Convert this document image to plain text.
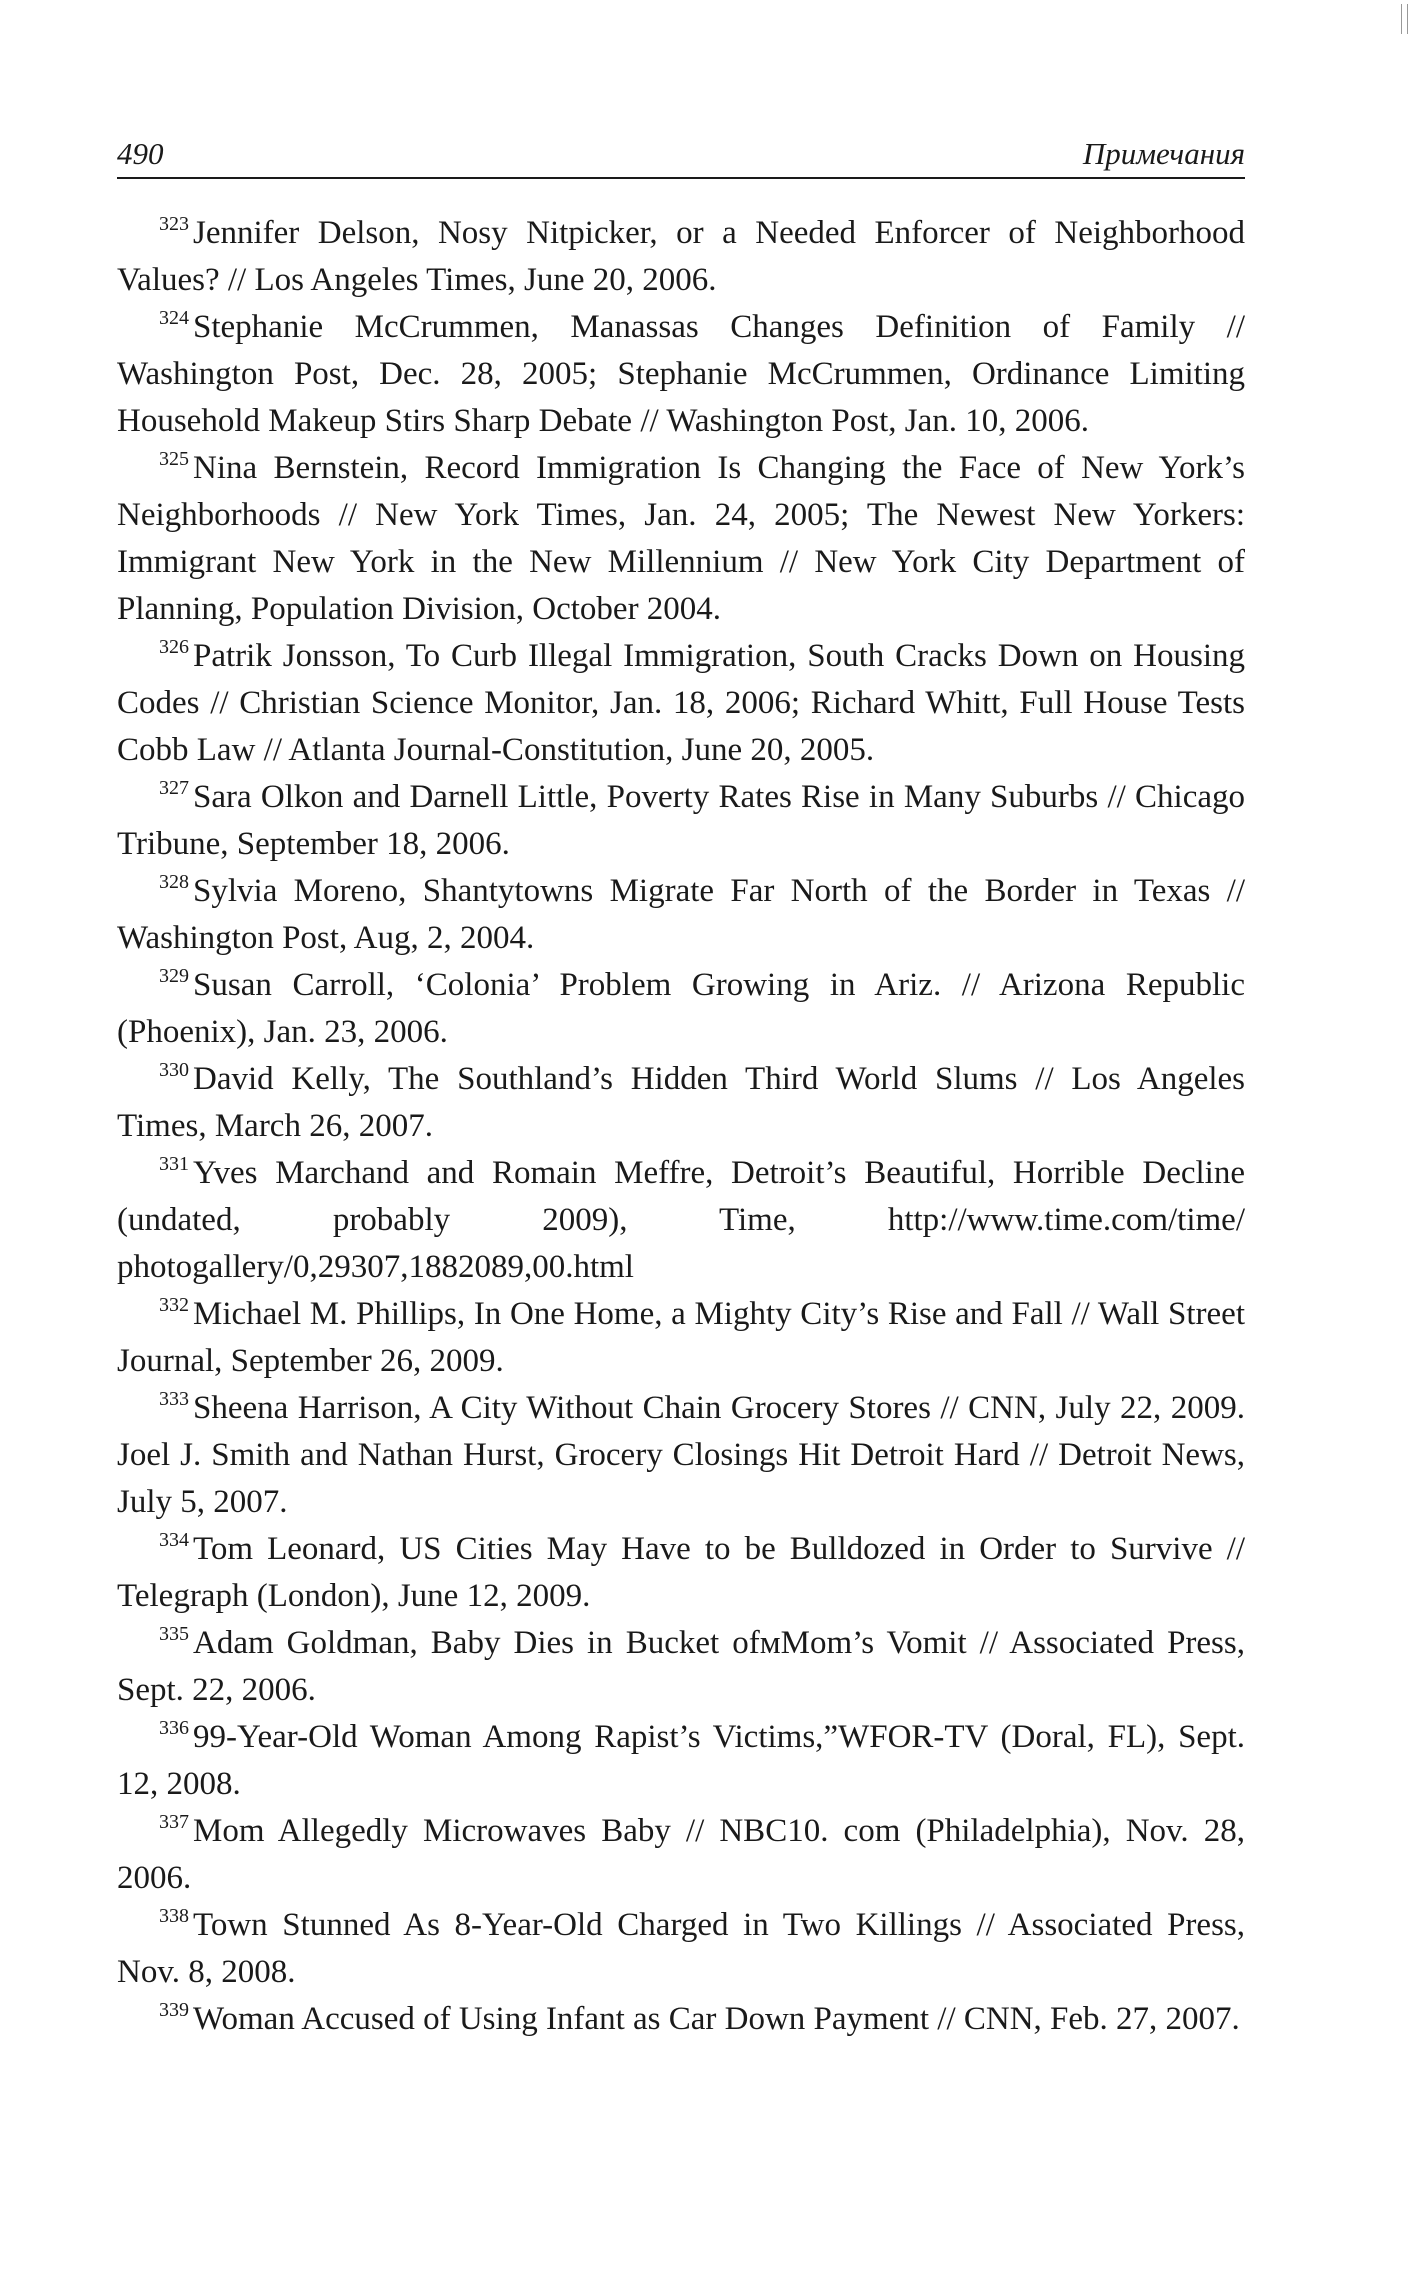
490	Примечания

$^{323}$ Jennifer Delson, Nosy Nitpicker, or a Needed Enforcer of Neighborhood Values? // Los Angeles Times, June 20, 2006.

$^{324}$ Stephanie McCrummen, Manassas Changes Definition of Family // Washington Post, Dec. 28, 2005; Stephanie McCrummen, Ordinance Limiting Household Makeup Stirs Sharp Debate // Washington Post, Jan. 10, 2006.

$^{325}$ Nina Bernstein, Record Immigration Is Changing the Face of New York’s Neighborhoods // New York Times, Jan. 24, 2005; The Newest New Yorkers: Immigrant New York in the New Millennium // New York City Department of Planning, Population Division, October 2004.

$^{326}$ Patrik Jonsson, To Curb Illegal Immigration, South Cracks Down on Housing Codes // Christian Science Monitor, Jan. 18, 2006; Richard Whitt, Full House Tests Cobb Law // Atlanta Journal-Constitution, June 20, 2005.

$^{327}$ Sara Olkon and Darnell Little, Poverty Rates Rise in Many Suburbs // Chicago Tribune, September 18, 2006.

$^{328}$ Sylvia Moreno, Shantytowns Migrate Far North of the Border in Texas // Washington Post, Aug, 2, 2004.

$^{329}$ Susan Carroll, ‘Colonia’ Problem Growing in Ariz. // Arizona Republic (Phoenix), Jan. 23, 2006.

$^{330}$ David Kelly, The Southland’s Hidden Third World Slums // Los Angeles Times, March 26, 2007.

$^{331}$ Yves Marchand and Romain Meffre, Detroit’s Beautiful, Horrible Decline (undated, probably 2009), Time, http://www.time.com/time/ photogallery/0,29307,1882089,00.html

$^{332}$ Michael M. Phillips, In One Home, a Mighty City’s Rise and Fall // Wall Street Journal, September 26, 2009.

$^{333}$ Sheena Harrison, A City Without Chain Grocery Stores // CNN, July 22, 2009. Joel J. Smith and Nathan Hurst, Grocery Closings Hit Detroit Hard // Detroit News, July 5, 2007.

$^{334}$ Tom Leonard, US Cities May Have to be Bulldozed in Order to Survive // Telegraph (London), June 12, 2009.

$^{335}$ Adam Goldman, Baby Dies in Bucket ofмMom’s Vomit // Associated Press, Sept. 22, 2006.

$^{336}$ 99-Year-Old Woman Among Rapist’s Victims,”WFOR-TV (Doral, FL), Sept. 12, 2008.

$^{337}$ Mom Allegedly Microwaves Baby // NBC10. com (Philadelphia), Nov. 28, 2006.

$^{338}$ Town Stunned As 8-Year-Old Charged in Two Killings // Associated Press, Nov. 8, 2008.

$^{339}$ Woman Accused of Using Infant as Car Down Payment // CNN, Feb. 27, 2007.
